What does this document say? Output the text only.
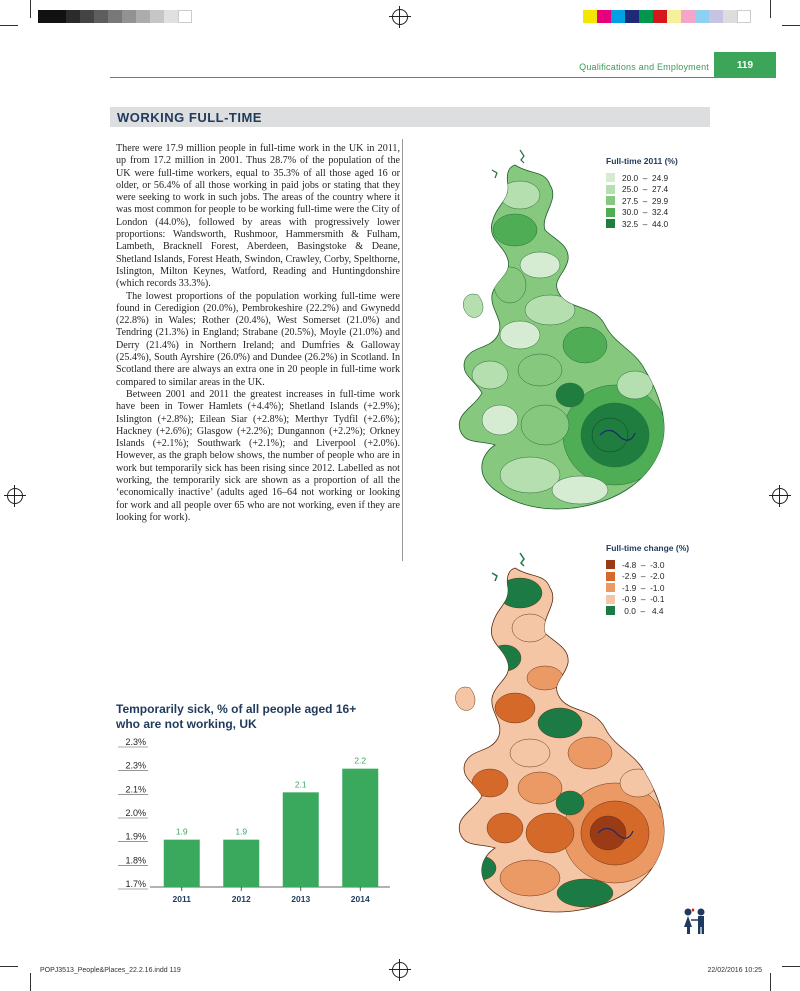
Qualifications and Employment	119
WORKING FULL-TIME

There were 17.9 million people in full-time work in the UK in 2011, up from 17.2 million in 2001. Thus 28.7% of the population of the UK were full-time workers, equal to 35.3% of all those aged 16 or older, or 56.4% of all those working in paid jobs or stating that they were seeking to work in such jobs. The areas of the country where it was most common for people to be working full-time were the City of London (44.0%), followed by areas with progressively lower proportions: Wandsworth, Rushmoor, Hammersmith & Fulham, Lambeth, Bracknell Forest, Aberdeen, Basingstoke & Deane, Shetland Islands, Forest Heath, Swindon, Crawley, Corby, Spelthorne, Islington, Milton Keynes, Watford, Reading and Huntingdonshire (which records 33.3%).

The lowest proportions of the population working full-time were found in Ceredigion (20.0%), Pembrokeshire (22.2%) and Gwynedd (22.8%) in Wales; Rother (20.4%), West Somerset (21.0%) and Tendring (21.3%) in England; Strabane (20.5%), Moyle (21.0%) and Derry (21.4%) in Northern Ireland; and Dumfries & Galloway (25.4%), South Ayrshire (26.0%) and Dundee (26.2%) in Scotland. In Scotland there are always an extra one in 20 people in full-time work compared to similar areas in the UK.

Between 2001 and 2011 the greatest increases in full-time work have been in Tower Hamlets (+4.4%); Shetland Islands (+2.9%); Islington (+2.8%); Eilean Siar (+2.8%); Merthyr Tydfil (+2.6%); Hackney (+2.6%); Glasgow (+2.2%); Dungannon (+2.2%); Orkney Islands (+2.1%); Southwark (+2.1%); and Liverpool (+2.0%). However, as the graph below shows, the number of people who are in work but temporarily sick has been rising since 2012. Labelled as not working, the temporarily sick are shown as a proportion of all the ‘economically inactive’ (adults aged 16–64 not working or looking for work and all people over 65 who are not working, even if they are looking for work).

Full-time 2011 (%)
20.0  –  24.9
25.0  –  27.4
27.5  –  29.9
30.0  –  32.4
32.5  –  44.0
Full-time change (%)
-4.8  –  -3.0
-2.9  –  -2.0
-1.9  –  -1.0
-0.9  –  -0.1
0.0  –   4.4
Temporarily sick, % of all people aged 16+ who are not working, UK
2.3%
2.3%
2.1%
2.0%
1.9%
1.8%
1.7%
1.9
2011
1.9
2012
2.1
2013
2.2
2014
POPJ3513_People&Places_22.2.16.indd 119	22/02/2016 10:25
